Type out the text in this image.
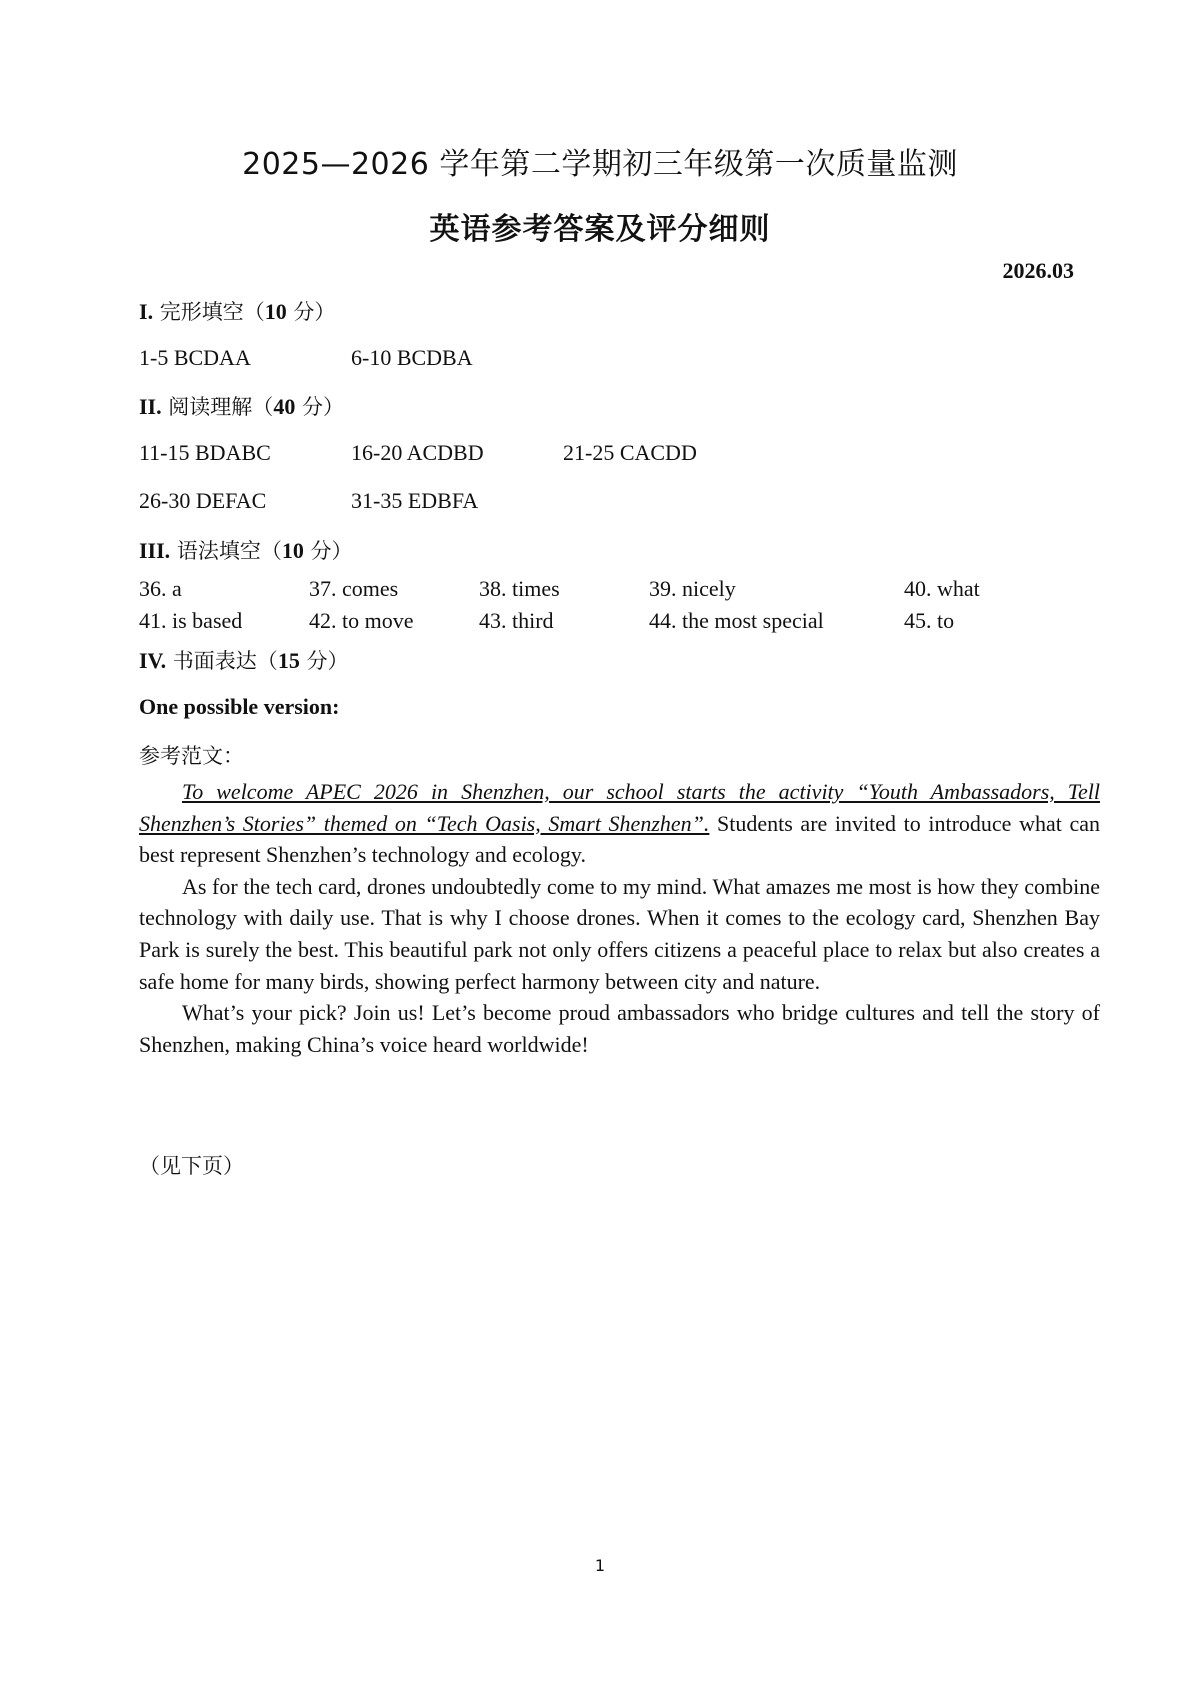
2025—2026 学年第二学期初三年级第一次质量监测
英语参考答案及评分细则
2026.03
I. 完形填空（10 分）
1-5 BCDAA	6-10 BCDBA
II. 阅读理解（40 分）
11-15 BDABC	16-20 ACDBD	21-25 CACDD
26-30 DEFAC	31-35 EDBFA
III. 语法填空（10 分）
36. a	37. comes	38. times	39. nicely	40. what
41. is based	42. to move	43. third	44. the most special	45. to
IV. 书面表达（15 分）
One possible version:
参考范文：

To welcome APEC 2026 in Shenzhen, our school starts the activity “Youth Ambassadors, Tell Shenzhen’s Stories” themed on “Tech Oasis, Smart Shenzhen”. Students are invited to introduce what can best represent Shenzhen’s technology and ecology.

As for the tech card, drones undoubtedly come to my mind. What amazes me most is how they combine technology with daily use. That is why I choose drones. When it comes to the ecology card, Shenzhen Bay Park is surely the best. This beautiful park not only offers citizens a peaceful place to relax but also creates a safe home for many birds, showing perfect harmony between city and nature.

What’s your pick? Join us! Let’s become proud ambassadors who bridge cultures and tell the story of Shenzhen, making China’s voice heard worldwide!

（见下页）
1
